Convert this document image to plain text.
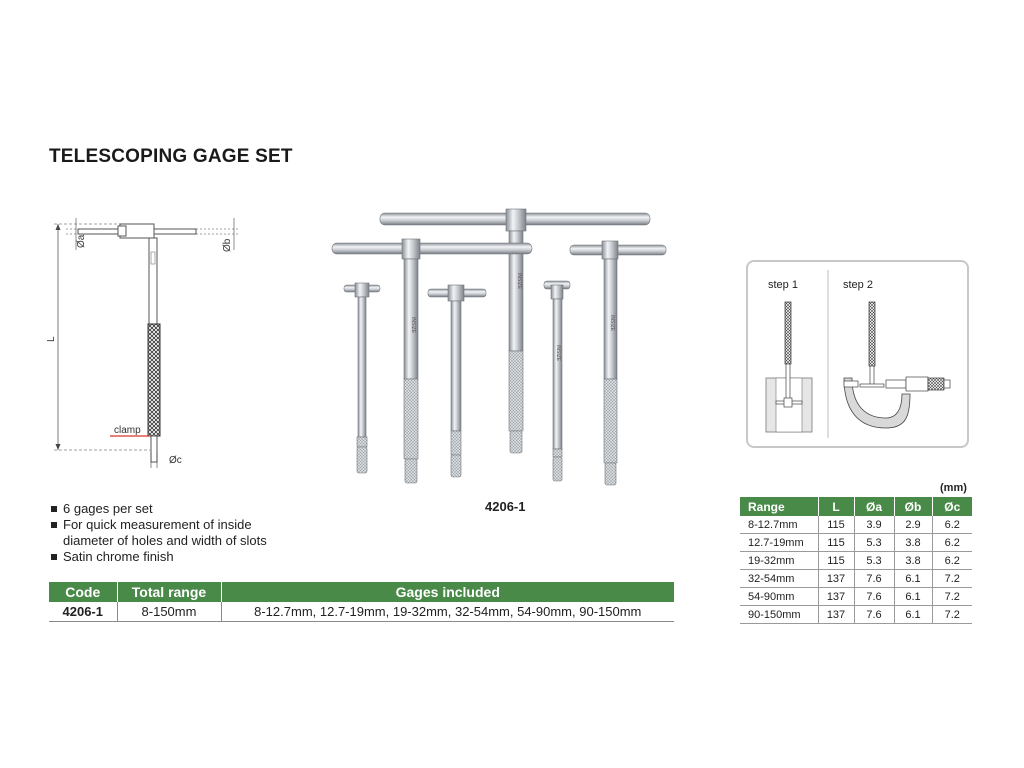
TELESCOPING GAGE SET
Øa	Øb
L
clamp
Øc
INSIZE
INSIZE	INSIZE
INSIZE
4206-1
6 gages per set
For quick measurement of inside
diameter of holes and width of slots
Satin chrome finish
Code	Total range	Gages included
4206-1	8-150mm	8-12.7mm, 12.7-19mm, 19-32mm, 32-54mm, 54-90mm, 90-150mm
step 1	step 2
(mm)
Range	L	Øa	Øb	Øc
8-12.7mm	115	3.9	2.9	6.2
12.7-19mm	115	5.3	3.8	6.2
19-32mm	115	5.3	3.8	6.2
32-54mm	137	7.6	6.1	7.2
54-90mm	137	7.6	6.1	7.2
90-150mm	137	7.6	6.1	7.2
